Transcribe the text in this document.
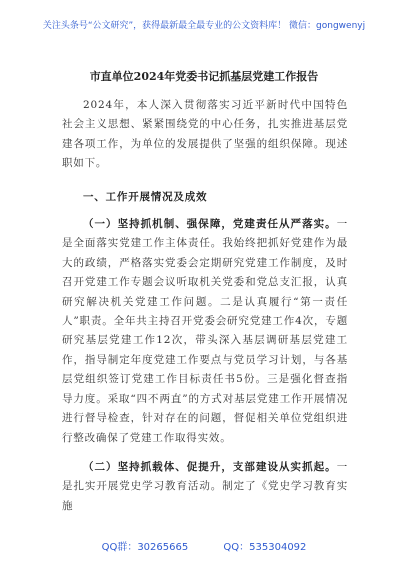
关注头条号“公文研究”，获得最新最全最专业的公文资料库！ 微信：gongwenyj
市直单位2024年党委书记抓基层党建工作报告

2024年，本人深入贯彻落实习近平新时代中国特色社会主义思想、紧紧围绕党的中心任务，扎实推进基层党建各项工作，为单位的发展提供了坚强的组织保障。现述职如下。

一、工作开展情况及成效

（一）坚持抓机制、强保障，党建责任从严落实。一是全面落实党建工作主体责任。我始终把抓好党建作为最大的政绩，严格落实党委会定期研究党建工作制度，及时召开党建工作专题会议听取机关党委和党总支汇报，认真研究解决机关党建工作问题。二是认真履行“第一责任人”职责。全年共主持召开党委会研究党建工作4次，专题研究基层党建工作12次，带头深入基层调研基层党建工作，指导制定年度党建工作要点与党员学习计划，与各基层党组织签订党建工作目标责任书5份。三是强化督查指导力度。采取“四不两直”的方式对基层党建工作开展情况进行督导检查，针对存在的问题，督促相关单位党组织进行整改确保了党建工作取得实效。

（二）坚持抓载体、促提升，支部建设从实抓起。一是扎实开展党史学习教育活动。制定了《党史学习教育实施

QQ群：30265665	QQ：535304092
